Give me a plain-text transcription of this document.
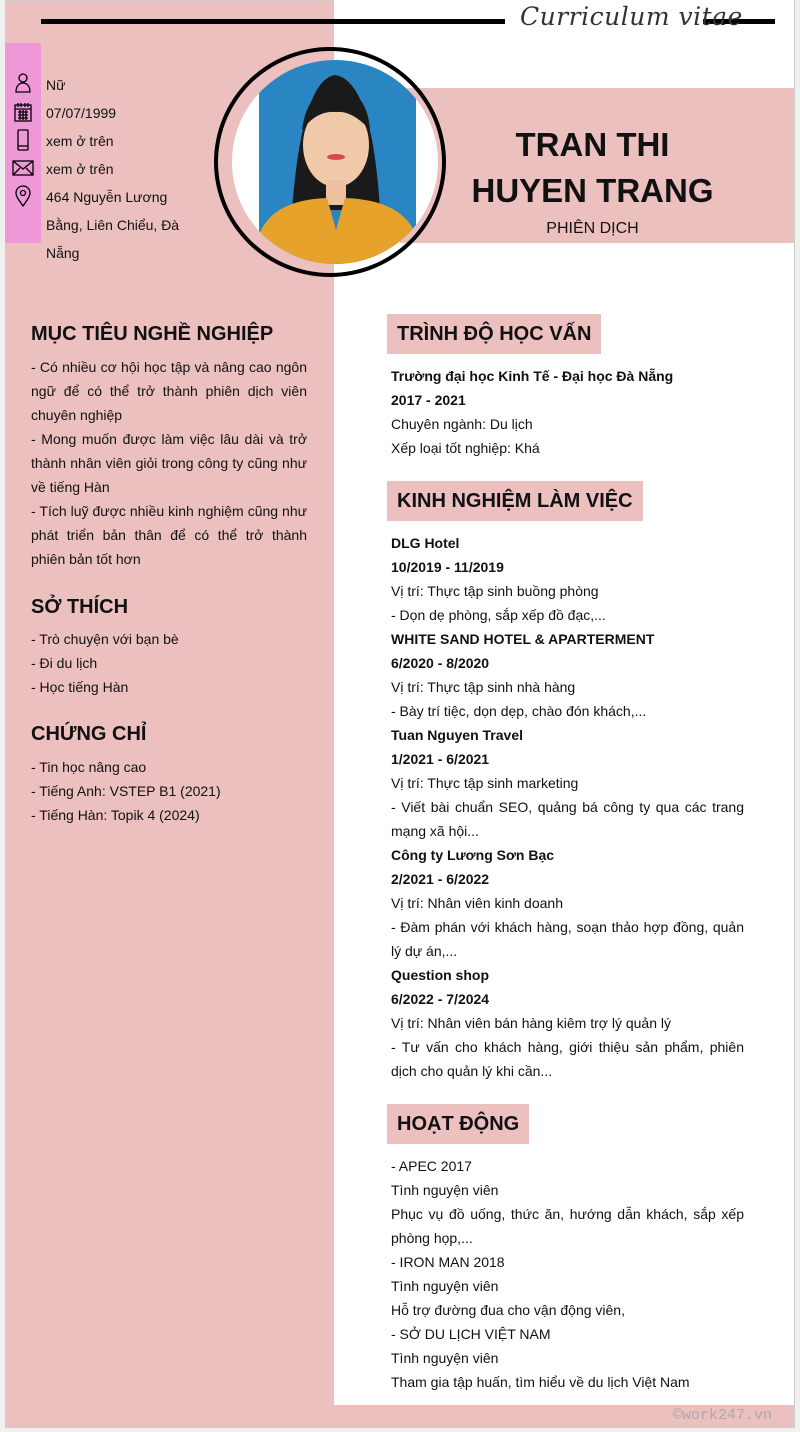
Curriculum vitae
Nữ
07/07/1999
xem ở trên
xem ở trên
464 Nguyễn Lương Bằng, Liên Chiểu, Đà Nẵng
TRAN THI
HUYEN TRANG
PHIÊN DỊCH
MỤC TIÊU NGHỀ NGHIỆP
- Có nhiều cơ hội học tập và nâng cao ngôn ngữ để có thể trở thành phiên dịch viên chuyên nghiệp
- Mong muốn được làm việc lâu dài và trở thành nhân viên giỏi trong công ty cũng như về tiếng Hàn
- Tích luỹ được nhiều kinh nghiệm cũng như phát triển bản thân để có thể trở thành phiên bản tốt hơn
SỞ THÍCH
- Trò chuyện với bạn bè
- Đi du lịch
- Học tiếng Hàn
CHỨNG CHỈ
- Tin học nâng cao
- Tiếng Anh: VSTEP B1 (2021)
- Tiếng Hàn: Topik 4 (2024)
TRÌNH ĐỘ HỌC VẤN
Trường đại học Kinh Tế - Đại học Đà Nẵng
2017 - 2021
Chuyên ngành: Du lịch
Xếp loại tốt nghiệp: Khá
KINH NGHIỆM LÀM VIỆC
DLG Hotel
10/2019 - 11/2019
Vị trí: Thực tập sinh buồng phòng
- Dọn dẹ phòng, sắp xếp đồ đạc,...
WHITE SAND HOTEL & APARTERMENT
6/2020 - 8/2020
Vị trí: Thực tập sinh nhà hàng
- Bày trí tiệc, dọn dẹp, chào đón khách,...
Tuan Nguyen Travel
1/2021 - 6/2021
Vị trí: Thực tập sinh marketing
- Viết bài chuẩn SEO, quảng bá công ty qua các trang mạng xã hội...
Công ty Lương Sơn Bạc
2/2021 - 6/2022
Vị trí: Nhân viên kinh doanh
- Đàm phán với khách hàng, soạn thảo hợp đồng, quản lý dự án,...
Question shop
6/2022 - 7/2024
Vị trí: Nhân viên bán hàng kiêm trợ lý quản lý
- Tư vấn cho khách hàng, giới thiệu sản phẩm, phiên dịch cho quản lý khi cần...
HOẠT ĐỘNG
- APEC 2017
Tình nguyện viên
Phục vụ đồ uống, thức ăn, hướng dẫn khách, sắp xếp phòng họp,...
- IRON MAN 2018
Tình nguyện viên
Hỗ trợ đường đua cho vận động viên,
- SỞ DU LỊCH VIỆT NAM
Tình nguyện viên
Tham gia tập huấn, tìm hiểu về du lịch Việt Nam
©work247.vn
